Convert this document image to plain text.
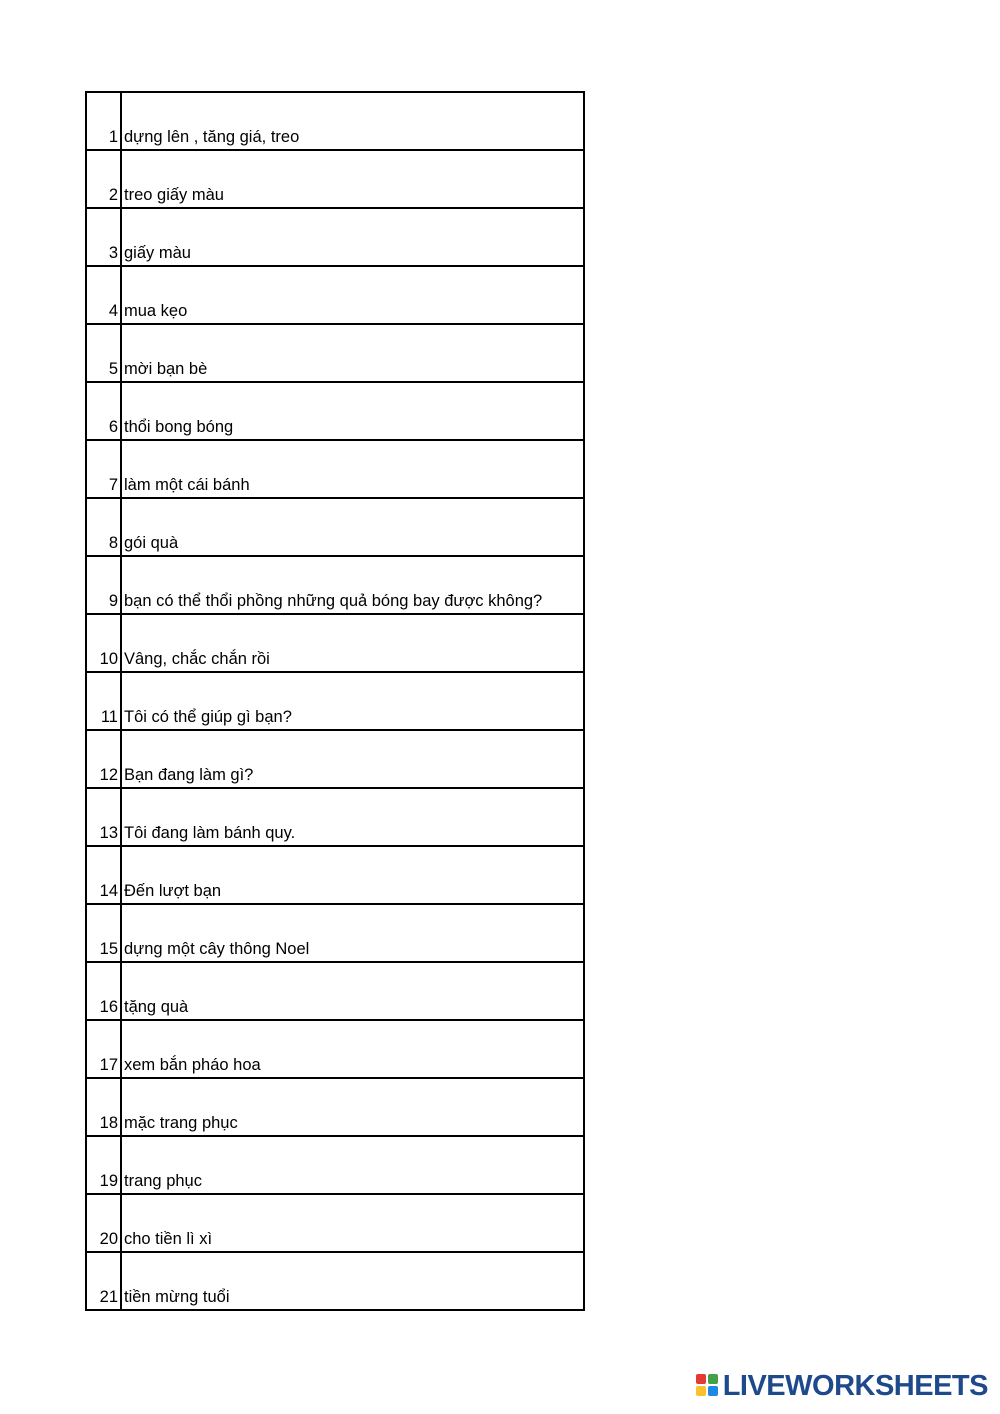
1	dựng lên , tăng giá, treo
2	treo giấy màu
3	giấy màu
4	mua kẹo
5	mời bạn bè
6	thổi bong bóng
7	làm một cái bánh
8	gói quà
9	bạn có thể thổi phồng những quả bóng bay được không?
10	Vâng, chắc chắn rồi
11	Tôi có thể giúp gì bạn?
12	Bạn đang làm gì?
13	Tôi đang làm bánh quy.
14	Đến lượt bạn
15	dựng một cây thông Noel
16	tặng quà
17	xem bắn pháo hoa
18	mặc trang phục
19	trang phục
20	cho tiền lì xì
21	tiền mừng tuổi
LIVEWORKSHEETS
